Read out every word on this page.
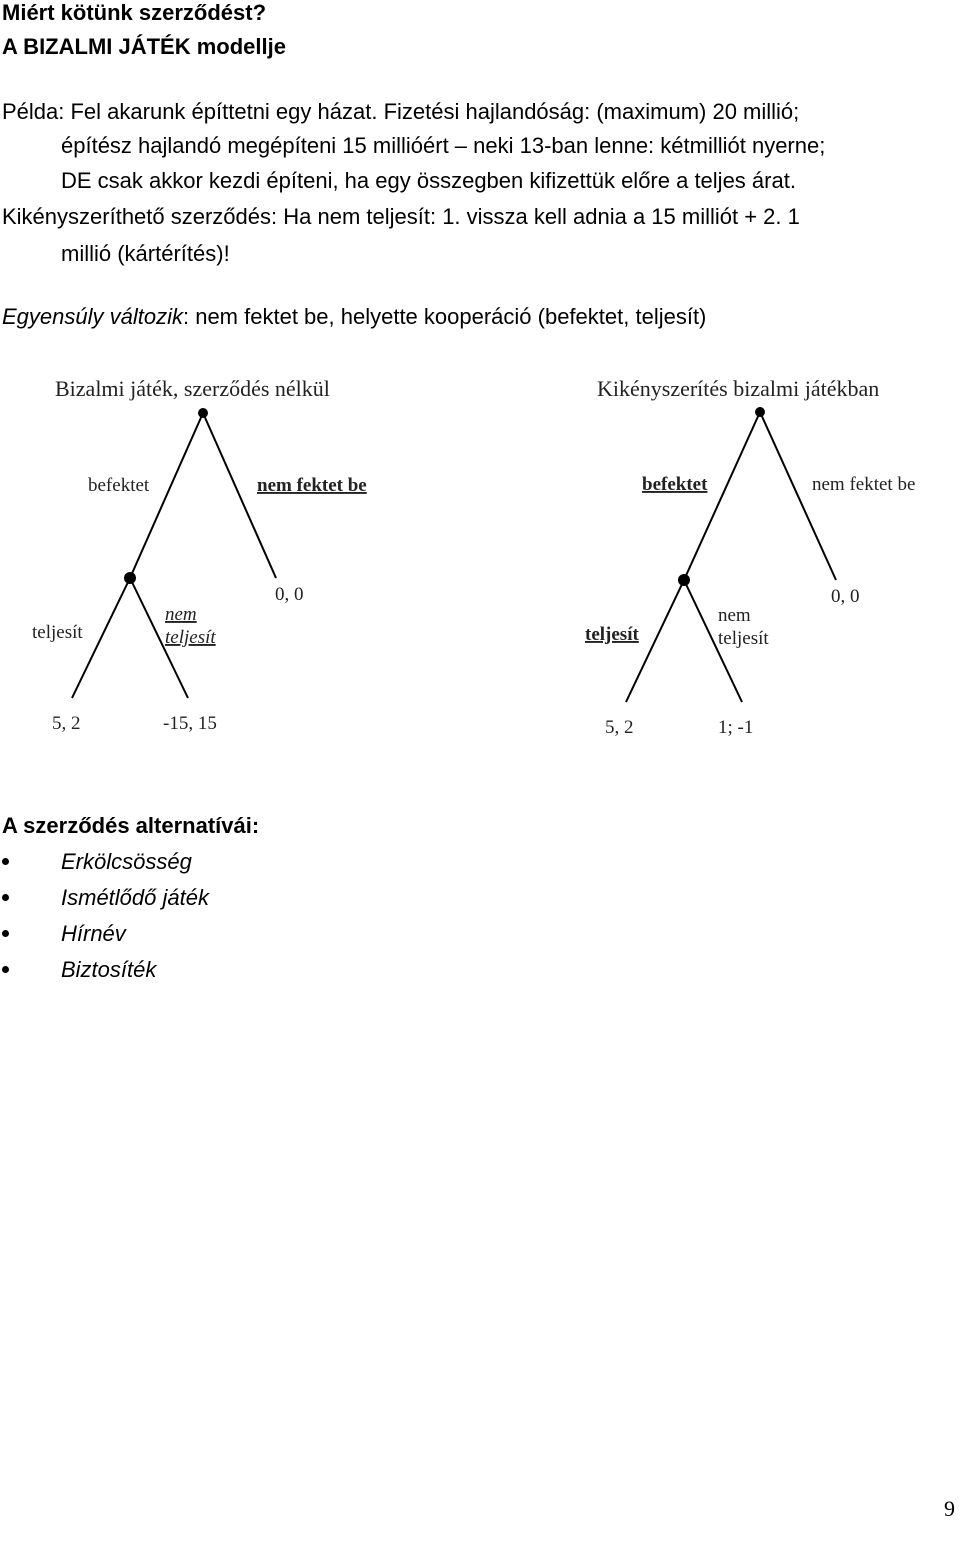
Miért kötünk szerződést?
A BIZALMI JÁTÉK modellje
Példa: Fel akarunk építtetni egy házat. Fizetési hajlandóság: (maximum) 20 millió;
építész hajlandó megépíteni 15 millióért – neki 13-ban lenne: kétmilliót nyerne;
DE csak akkor kezdi építeni, ha egy összegben kifizettük előre a teljes árat.
Kikényszeríthető szerződés: Ha nem teljesít: 1. vissza kell adnia a 15 milliót + 2. 1
millió (kártérítés)!
Egyensúly változik: nem fektet be, helyette kooperáció (befektet, teljesít)
Bizalmi játék, szerződés nélkül
befektet	nem fektet be
0, 0
teljesít
nem
teljesít
5, 2	-15, 15
Kikényszerítés bizalmi játékban
befektet	nem fektet be
0, 0
teljesít
nem
teljesít
5, 2	1; -1
A szerződés alternatívái:
Erkölcsösség
Ismétlődő játék
Hírnév
Biztosíték
9
